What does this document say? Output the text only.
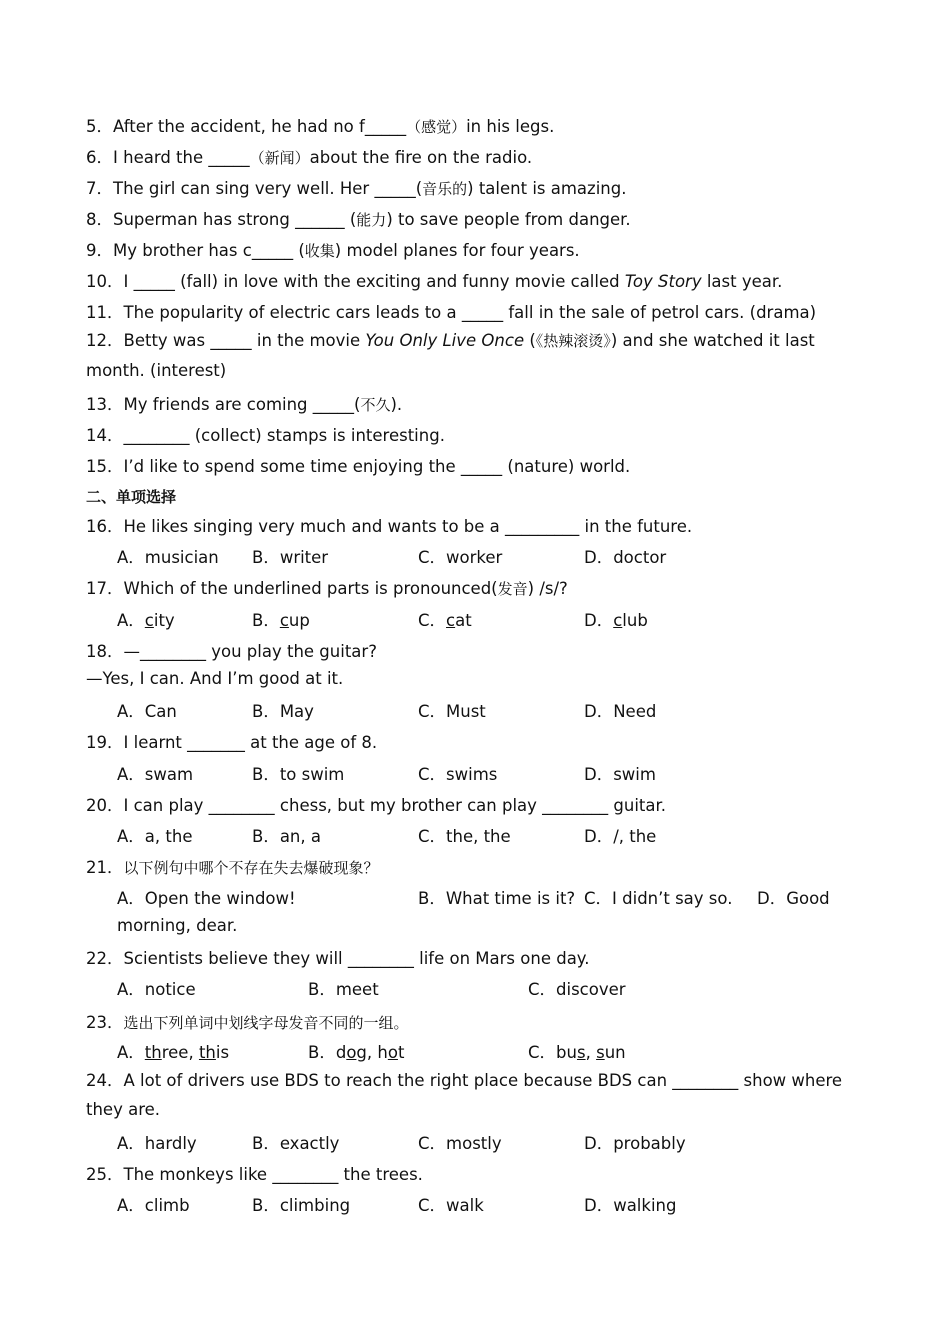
5．After the accident, he had no f_____（感觉）in his legs.
6．I heard the _____（新闻）about the fire on the radio.
7．The girl can sing very well. Her _____(音乐的) talent is amazing.
8．Superman has strong ______ (能力) to save people from danger.
9．My brother has c_____ (收集) model planes for four years.
10．I _____ (fall) in love with the exciting and funny movie called Toy Story last year.
11．The popularity of electric cars leads to a _____ fall in the sale of petrol cars. (drama)
12．Betty was _____ in the movie You Only Live Once (《热辣滚烫》) and she watched it last month. (interest)
13．My friends are coming _____(不久).
14．________ (collect) stamps is interesting.
15．I’d like to spend some time enjoying the _____ (nature) world.
二、单项选择
16．He likes singing very much and wants to be a _________ in the future.
A．musician B．writer	C．worker	D．doctor
17．Which of the underlined parts is pronounced(发音) /s/?
A．city	B．cup	C．cat	D．club
18．—________ you play the guitar?
—Yes, I can. And I’m good at it.
A．Can	B．May	C．Must	D．Need
19．I learnt _______ at the age of 8.
A．swam	B．to swim	C．swims	D．swim
20．I can play ________ chess, but my brother can play ________ guitar.
A．a, the	B．an, a	C．the, the	D．/, the
21．以下例句中哪个不存在失去爆破现象？
A．Open the window!	B．What time is it? C．I didn’t say so. D．Good
morning, dear.
22．Scientists believe they will ________ life on Mars one day.
A．notice	B．meet	C．discover
23．选出下列单词中划线字母发音不同的一组。
A．three, this	B．dog, hot	C．bus, sun
24．A lot of drivers use BDS to reach the right place because BDS can ________ show where they are.
A．hardly	B．exactly	C．mostly	D．probably
25．The monkeys like ________ the trees.
A．climb	B．climbing	C．walk	D．walking
